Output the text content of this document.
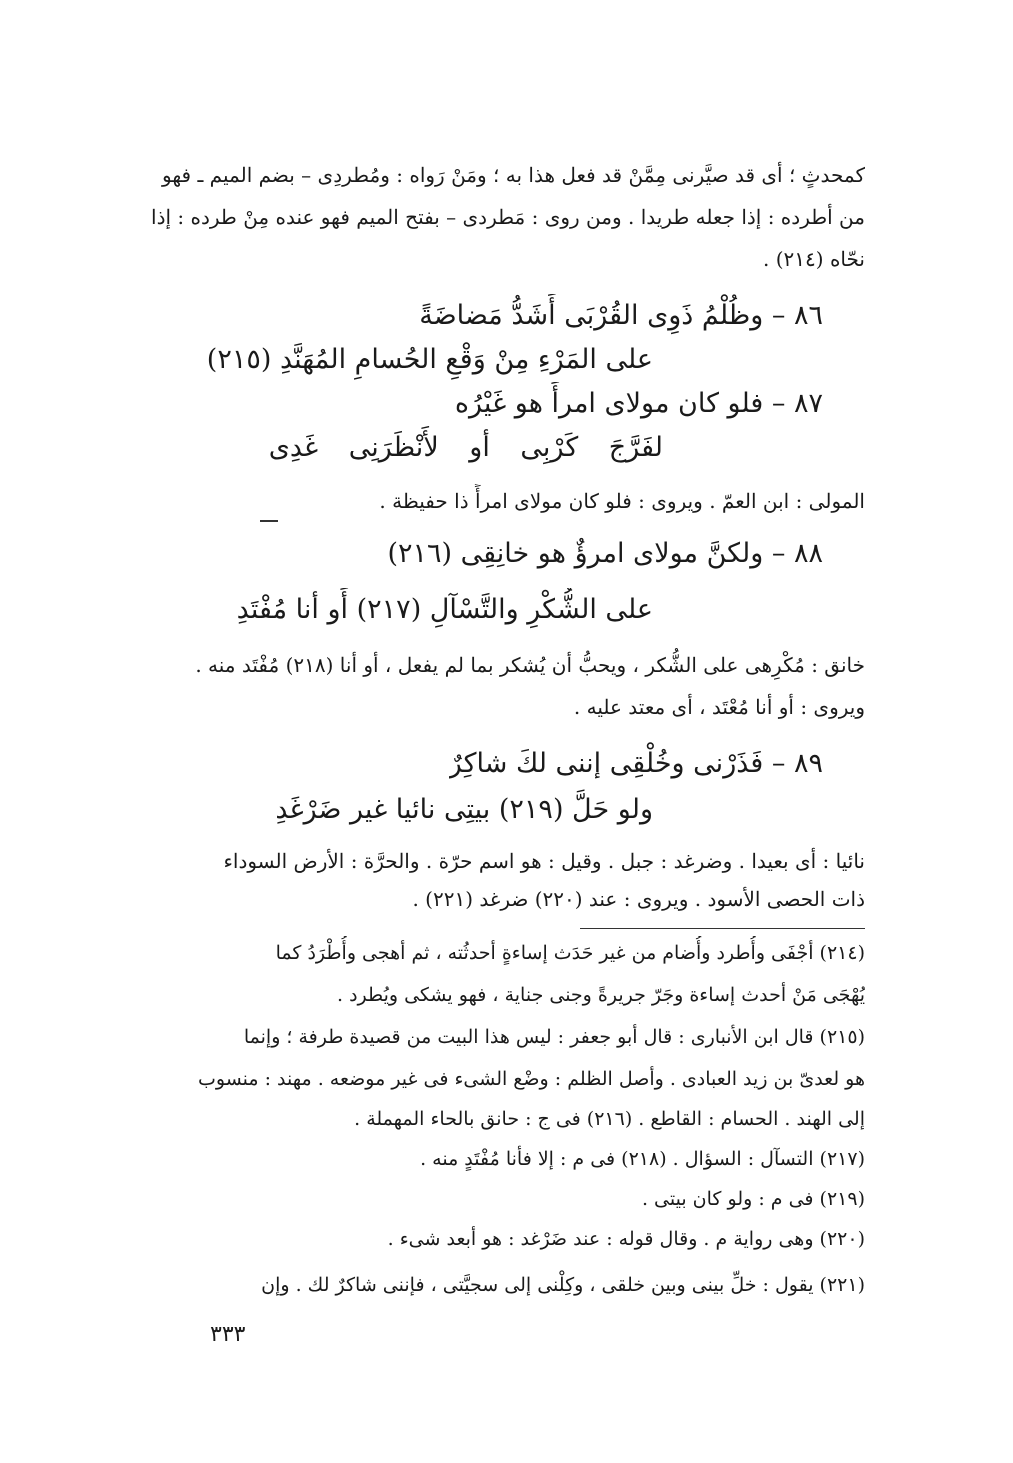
كمحدثٍ ؛ أى قد صيَّرنى مِمَّنْ قد فعل هذا به ؛ ومَنْ رَواه : ومُطردِى – بضم الميم ـ فهو
من أطرده : إذا جعله طريدا . ومن روى : مَطردى – بفتح الميم فهو عنده مِنْ طرده : إذا
نحّاه (٢١٤) .
٨٦ – وظُلْمُ ذَوِى القُرْبَى أَشَدُّ مَضاضَةً
على المَرْءِ مِنْ وَقْعِ الحُسامِ المُهَنَّدِ (٢١٥)
٨٧ – فلو كان مولاى امرأً هو غَيْرُه
لفَرَّجَ كَرْبِى أو لأَنْظَرَنِى غَدِى
المولى : ابن العمّ . ويروى : فلو كان مولاى امرأً ذا حفيظة .
٨٨ – ولكنَّ مولاى امرؤٌ هو خانِقِى (٢١٦)
على الشُّكْرِ والتَّسْآلِ (٢١٧) أَو أنا مُفْتَدِ
خانق : مُكْرِهى على الشُّكر ، ويحبُّ أن يُشكر بما لم يفعل ، أو أنا (٢١٨) مُفْتَد منه .
ويروى : أو أنا مُعْتَد ، أى معتد عليه .
٨٩ – فَذَرْنى وخُلْقِى إننى لكَ شاكِرٌ
ولو حَلَّ (٢١٩) بيتِى نائيا غير ضَرْغَدِ
نائيا : أى بعيدا . وضرغد : جبل . وقيل : هو اسم حرّة . والحرَّة : الأرض السوداء
ذات الحصى الأسود . ويروى : عند (٢٢٠) ضرغد (٢٢١) .
(٢١٤) أجْفَى وأُطرد وأُضام من غير حَدَث إساءةٍ أحدثُته ، ثم أهجى وأُطْرَدُ كما
يُهْجَى مَنْ أحدث إساءة وجَرّ جريرةً وجنى جناية ، فهو يشكى ويُطرد .
(٢١٥) قال ابن الأنبارى : قال أبو جعفر : ليس هذا البيت من قصيدة طرفة ؛ وإنما
هو لعدىّ بن زيد العبادى . وأصل الظلم : وضْع الشىء فى غير موضعه . مهند : منسوب
إلى الهند . الحسام : القاطع . (٢١٦) فى ج : حانق بالحاء المهملة .
(٢١٧) التسآل : السؤال . (٢١٨) فى م : إلا فأنا مُفْتَدٍ منه .
(٢١٩) فى م : ولو كان بيتى .
(٢٢٠) وهى رواية م . وقال قوله : عند ضَرْغد : هو أبعد شىء .
(٢٢١) يقول : خلِّ بينى وبين خلقى ، وكِلْنى إلى سجيَّتى ، فإننى شاكرٌ لك . وإن
٣٣٣
